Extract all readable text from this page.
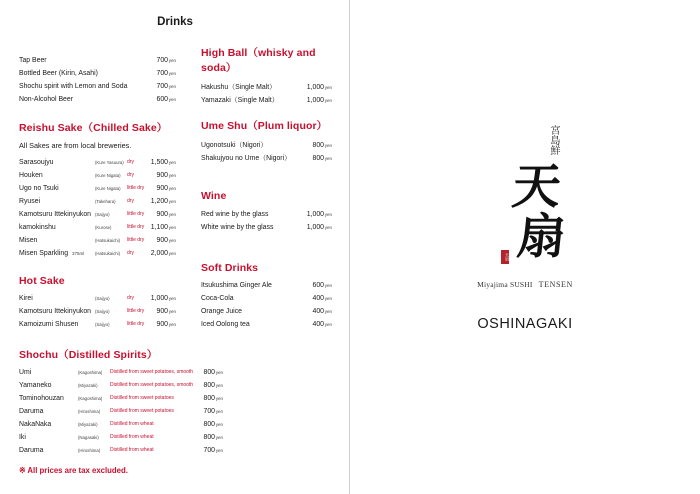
Drinks
Tap Beer	700 yen
Bottled Beer (Kirin, Asahi)	700 yen
Shochu spirit with Lemon and Soda	700 yen
Non-Alcohol Beer	600 yen
Reishu Sake（Chilled Sake）
All Sakes are from local breweries.
Sarasoujyu	(Kure Yasuura) dry 1,500 yen
Houken	(Kure Nigata) dry	900 yen
Ugo no Tsuki	(Kure Nigata) little dry 900 yen
Ryusei	(Takehara) dry 1,200 yen
Kamotsuru Ittekinyukon (Saijyo)	little dry 900 yen
kamokinshu	(Kurose)	little dry 1,100 yen
Misen	(Hatsukaichi) little dry 900 yen
Misen Sparkling 375ml (Hatsukaichi) dry 2,000 yen
Hot Sake
Kirei	(Saijyo)	dry 1,000 yen
Kamotsuru Ittekinyukon (Saijyo)	little dry 900 yen
Kamoizumi Shusen	(Saijyo)	little dry 900 yen
Shochu（Distilled Spirits）
Umi	(Kagoshima) Distilled from sweet potatoes, smooth 800 yen
Yamaneko	(Miyazaki) Distilled from sweet potatoes, smooth 800 yen
Tominohouzan	(Kagoshima) Distilled from sweet potatoes	800 yen
Daruma	(Hiroshima) Distilled from sweet potatoes	700 yen
NakaNaka	(Miyazaki) Distilled from wheat	800 yen
Iki	(Nagasaki) Distilled from wheat	800 yen
Daruma	(Hiroshima) Distilled from wheat	700 yen
※ All prices are tax excluded.
High Ball（whisky and soda）
Hakushu（Single Malt）	1,000 yen
Yamazaki（Single Malt）	1,000 yen
Ume Shu（Plum liquor）
Ugonotsuki（Nigori）	800 yen
Shakujyou no Ume（Nigori）	800 yen
Wine
Red wine by the glass	1,000 yen
White wine by the glass	1,000 yen
Soft Drinks
Itsukushima Ginger Ale	600 yen
Coca-Cola	400 yen
Orange Juice	400 yen
Iced Oolong tea	400 yen
宮島鮮
天
扇
天扇
Miyajima SUSHI TENSEN
OSHINAGAKI
